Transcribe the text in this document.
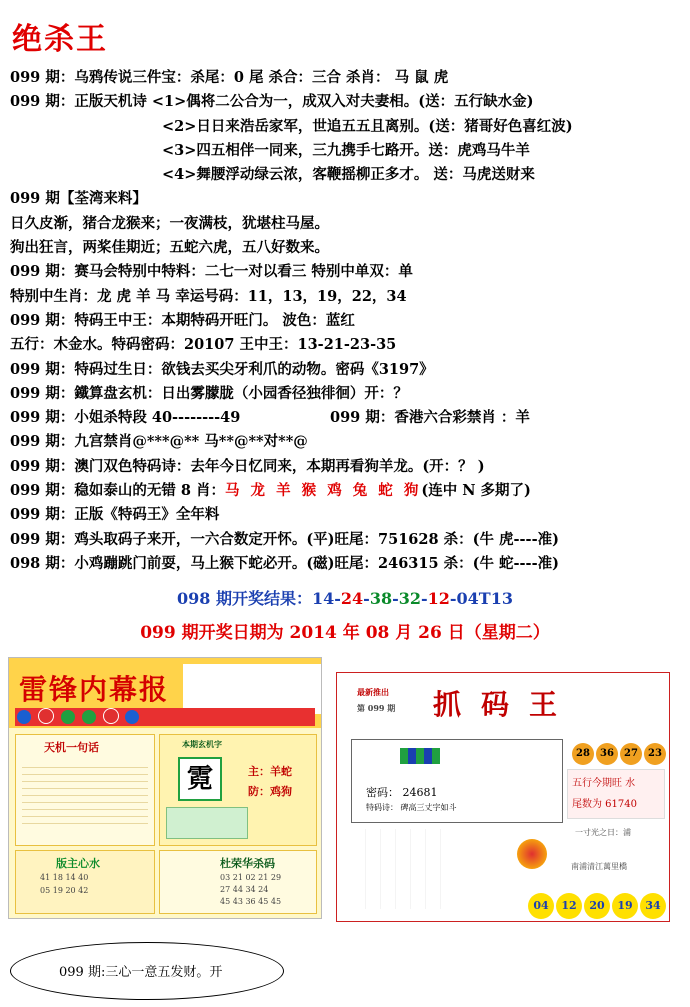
绝杀王
099 期：乌鸦传说三件宝：杀尾：0 尾 杀合：三合 杀肖： 马 鼠 虎
099 期：正版天机诗 <1>偶将二公合为一，成双入对夫妻相。(送：五行缺水金)
<2>日日来浩岳家军，世追五五且离别。(送：猪哥好色喜红波)
<3>四五相伴一同来，三九携手七路开。送：虎鸡马牛羊
<4>舞腰浮动绿云浓，客鞭摇柳正多才。 送：马虎送财来
099 期【荃湾来料】
日久皮渐，猪合龙猴来；一夜满枝，犹堪柱马屋。
狗出狂言，两桨佳期近；五蛇六虎，五八好数来。
099 期：赛马会特别中特料：二七一对以看三 特别中单双：单
特别中生肖：龙 虎 羊 马 幸运号码：11，13，19，22，34
099 期：特码王中王：本期特码开旺门。 波色：蓝红
五行：木金水。特码密码：20107 王中王：13-21-23-35
099 期：特码过生日：欲钱去买尖牙利爪的动物。密码《3197》
099 期：鐵算盘玄机：日出雾朦胧（小园香径独徘徊）开：？
099 期：小姐杀特段 40--------49	099 期：香港六合彩禁肖 ：羊
099 期：九宫禁肖@***@** 马**@**对**@
099 期：澳门双色特码诗：去年今日忆同来，本期再看狗羊龙。(开：？ )
099 期：稳如泰山的无错 8 肖：马 龙 羊 猴 鸡 兔 蛇 狗(连中 N 多期了)
099 期：正版《特码王》全年料
099 期：鸡头取码子来开，一六合数定开怀。(平)旺尾：751628 杀：(牛 虎----准)
098 期：小鸡蹦跳门前耍，马上猴下蛇必开。(磁)旺尾：246315 杀：(牛 蛇----准)
098 期开奖结果：14-24-38-32-12-04T13
099 期开奖日期为 2014 年 08 月 26 日（星期二）
雷锋内幕报

天机一句话	本期玄机字
霓	主：羊蛇
防：鸡狗
版主心水
41 18 14 40
05 19 20 42
杜荣华杀码
03 21 02 21 29
27 44 34 24
45 43 36 45 45
最新推出
第 099 期 抓码王
密码： 24681
特码诗： 碑高三丈字如斗
28 36 27 23
五行今期旺 水
尾数为 61740
一寸光之日：浦
南浦清江萬里橋
04 12 20 19 34
099 期:三心一意五发财。开
